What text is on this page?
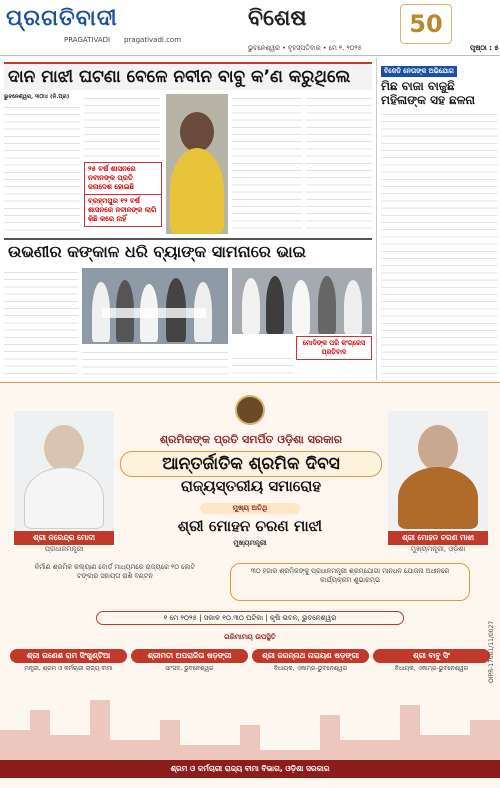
ପ୍ରଗତିବାଦୀ
PRAGATIVADI pragativadi.com
ବିଶେଷ	50
ଭୁବନେଶ୍ୱର • ବୃହସ୍ପତିବାର • ମେ ୧, ୨୦୨୫	ପୃଷ୍ଠା : ୫
ବିଜେଡି ନେତାଙ୍କ ଅଭିଯୋଗ
ମିଛ ବାଜା ବାଜୁଛି
ମହିଳାଙ୍କ ସହ ଛଳନା
ଦାନ ମାଝୀ ଘଟଣା ବେଳେ ନବୀନ ବାବୁ କ’ଣ କରୁଥିଲେ
ଭୁବନେଶ୍ୱର, ୩୦ା୪ (ନି.ପ୍ର)
୨୫ ବର୍ଷ ଶାସନରେ ନବୀନଙ୍କ ପ୍ରତି ଜନାଦେଶ ହୋଇଛି
ବ୍ରହ୍ମପୁର ୧୨ ବର୍ଷ ଶାସନରେ ନବୀନଙ୍କ ଲାଗି କିଛି କରେ ନାହିଁ
ଉଭଣୀର କଙ୍କାଳ ଧରି ବ୍ୟାଙ୍କ ସାମନାରେ ଭାଇ
ମୋଦିଙ୍କ ପରି କଂଗ୍ରେସ ପ୍ରତିବାଦ
ଶ୍ରୀ ନରେନ୍ଦ୍ର ମୋଦୀ
ପ୍ରଧାନମନ୍ତ୍ରୀ
ଶ୍ରୀ ମୋହନ ଚରଣ ମାଝୀ
ମୁଖ୍ୟମନ୍ତ୍ରୀ, ଓଡ଼ିଶା
ଶ୍ରମିକଙ୍କ ପ୍ରତି ସମର୍ପିତ ଓଡ଼ିଶା ସରକାର
ଆନ୍ତର୍ଜାତିକ ଶ୍ରମିକ ଦିବସ
ରାଜ୍ୟସ୍ତରୀୟ ସମାରୋହ
ମୁଖ୍ୟ ଅତିଥି
ଶ୍ରୀ ମୋହନ ଚରଣ ମାଝୀ
ମୁଖ୍ୟମନ୍ତ୍ରୀ
ନିର୍ମାଣ ଶ୍ରମିକ କଲ୍ୟାଣ ବୋର୍ଡ ମାଧ୍ୟମରେ ରାଜ୍ୟରେ ୧୦ କୋଟି ଟଙ୍କାର ସହାୟତା ରାଶି ବଣ୍ଟନ
୩୦ ହଜାର ଶ୍ରମିକଙ୍କୁ ପ୍ରଧାନମନ୍ତ୍ରୀ ଶ୍ରମଯୋଗୀ ମାନଧନ ଯୋଜନା ଅଧୀନରେ କାର୍ଯ୍ୟକ୍ରମ ଶୁଭାରମ୍ଭ
୧ ମେ ୨୦୨୫ | ସକାଳ ୧୦.୩୦ ଘଟିକା | କୃଷି ଭବନ, ଭୁବନେଶ୍ୱର
ଗରିମାମୟ ଉପସ୍ଥିତି
ଶ୍ରୀ ଗଣେଶ ରାମ ସିଂଖୁଣ୍ଟିଆ
ମନ୍ତ୍ରୀ, ଶ୍ରମ ଓ କର୍ମଚାରୀ ରାଜ୍ୟ ବୀମା
ଶ୍ରୀମତୀ ଅପରାଜିତା ଷଡ଼ଙ୍ଗୀ
ସାଂସଦ, ଭୁବନେଶ୍ୱର
ଶ୍ରୀ ଜଗନ୍ନାଥ ନାରାୟଣ ଷଡ଼ଙ୍ଗୀ
ବିଧାୟକ, ଏକାମ୍ର-ଭୁବନେଶ୍ୱର
ଶ୍ରୀ ବାବୁ ସିଂ
ବିଧାୟକ, ଏକାମ୍ର-ଭୁବନେଶ୍ୱର	OIPR-17001/11/0027
ଶ୍ରମ ଓ କର୍ମଚାରୀ ରାଜ୍ୟ ବୀମା ବିଭାଗ, ଓଡ଼ିଶା ସରକାର
